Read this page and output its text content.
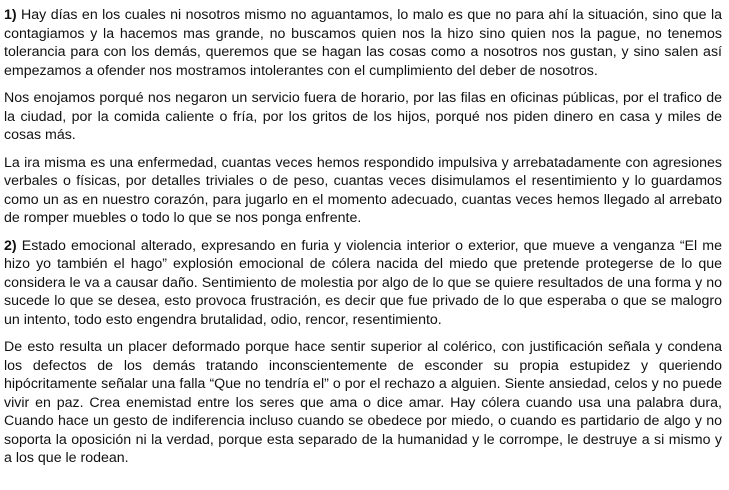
1) Hay días en los cuales ni nosotros mismo no aguantamos, lo malo es que no para ahí la situación, sino que la contagiamos y la hacemos mas grande, no buscamos quien nos la hizo sino quien nos la pague, no tenemos tolerancia para con los demás, queremos que se hagan las cosas como a nosotros nos gustan, y sino salen así empezamos a ofender nos mostramos intolerantes con el cumplimiento del deber de nosotros.

Nos enojamos porqué nos negaron un servicio fuera de horario, por las filas en oficinas públicas, por el trafico de la ciudad, por la comida caliente o fría, por los gritos de los hijos, porqué nos piden dinero en casa y miles de cosas más.

La ira misma es una enfermedad, cuantas veces hemos respondido impulsiva y arrebatadamente con agresiones verbales o físicas, por detalles triviales o de peso, cuantas veces disimulamos el resentimiento y lo guardamos como un as en nuestro corazón, para jugarlo en el momento adecuado, cuantas veces hemos llegado al arrebato de romper muebles o todo lo que se nos ponga enfrente.

2) Estado emocional alterado, expresando en furia y violencia interior o exterior, que mueve a venganza “El me hizo yo también el hago” explosión emocional de cólera nacida del miedo que pretende protegerse de lo que considera le va a causar daño. Sentimiento de molestia por algo de lo que se quiere resultados de una forma y no sucede lo que se desea, esto provoca frustración, es decir que fue privado de lo que esperaba o que se malogro un intento, todo esto engendra brutalidad, odio, rencor, resentimiento.

De esto resulta un placer deformado porque hace sentir superior al colérico, con justificación señala y condena los defectos de los demás tratando inconscientemente de esconder su propia estupidez y queriendo hipócritamente señalar una falla “Que no tendría el” o por el rechazo a alguien. Siente ansiedad, celos y no puede vivir en paz. Crea enemistad entre los seres que ama o dice amar. Hay cólera cuando usa una palabra dura, Cuando hace un gesto de indiferencia incluso cuando se obedece por miedo, o cuando es partidario de algo y no soporta la oposición ni la verdad, porque esta separado de la humanidad y le corrompe, le destruye a si mismo y a los que le rodean.
